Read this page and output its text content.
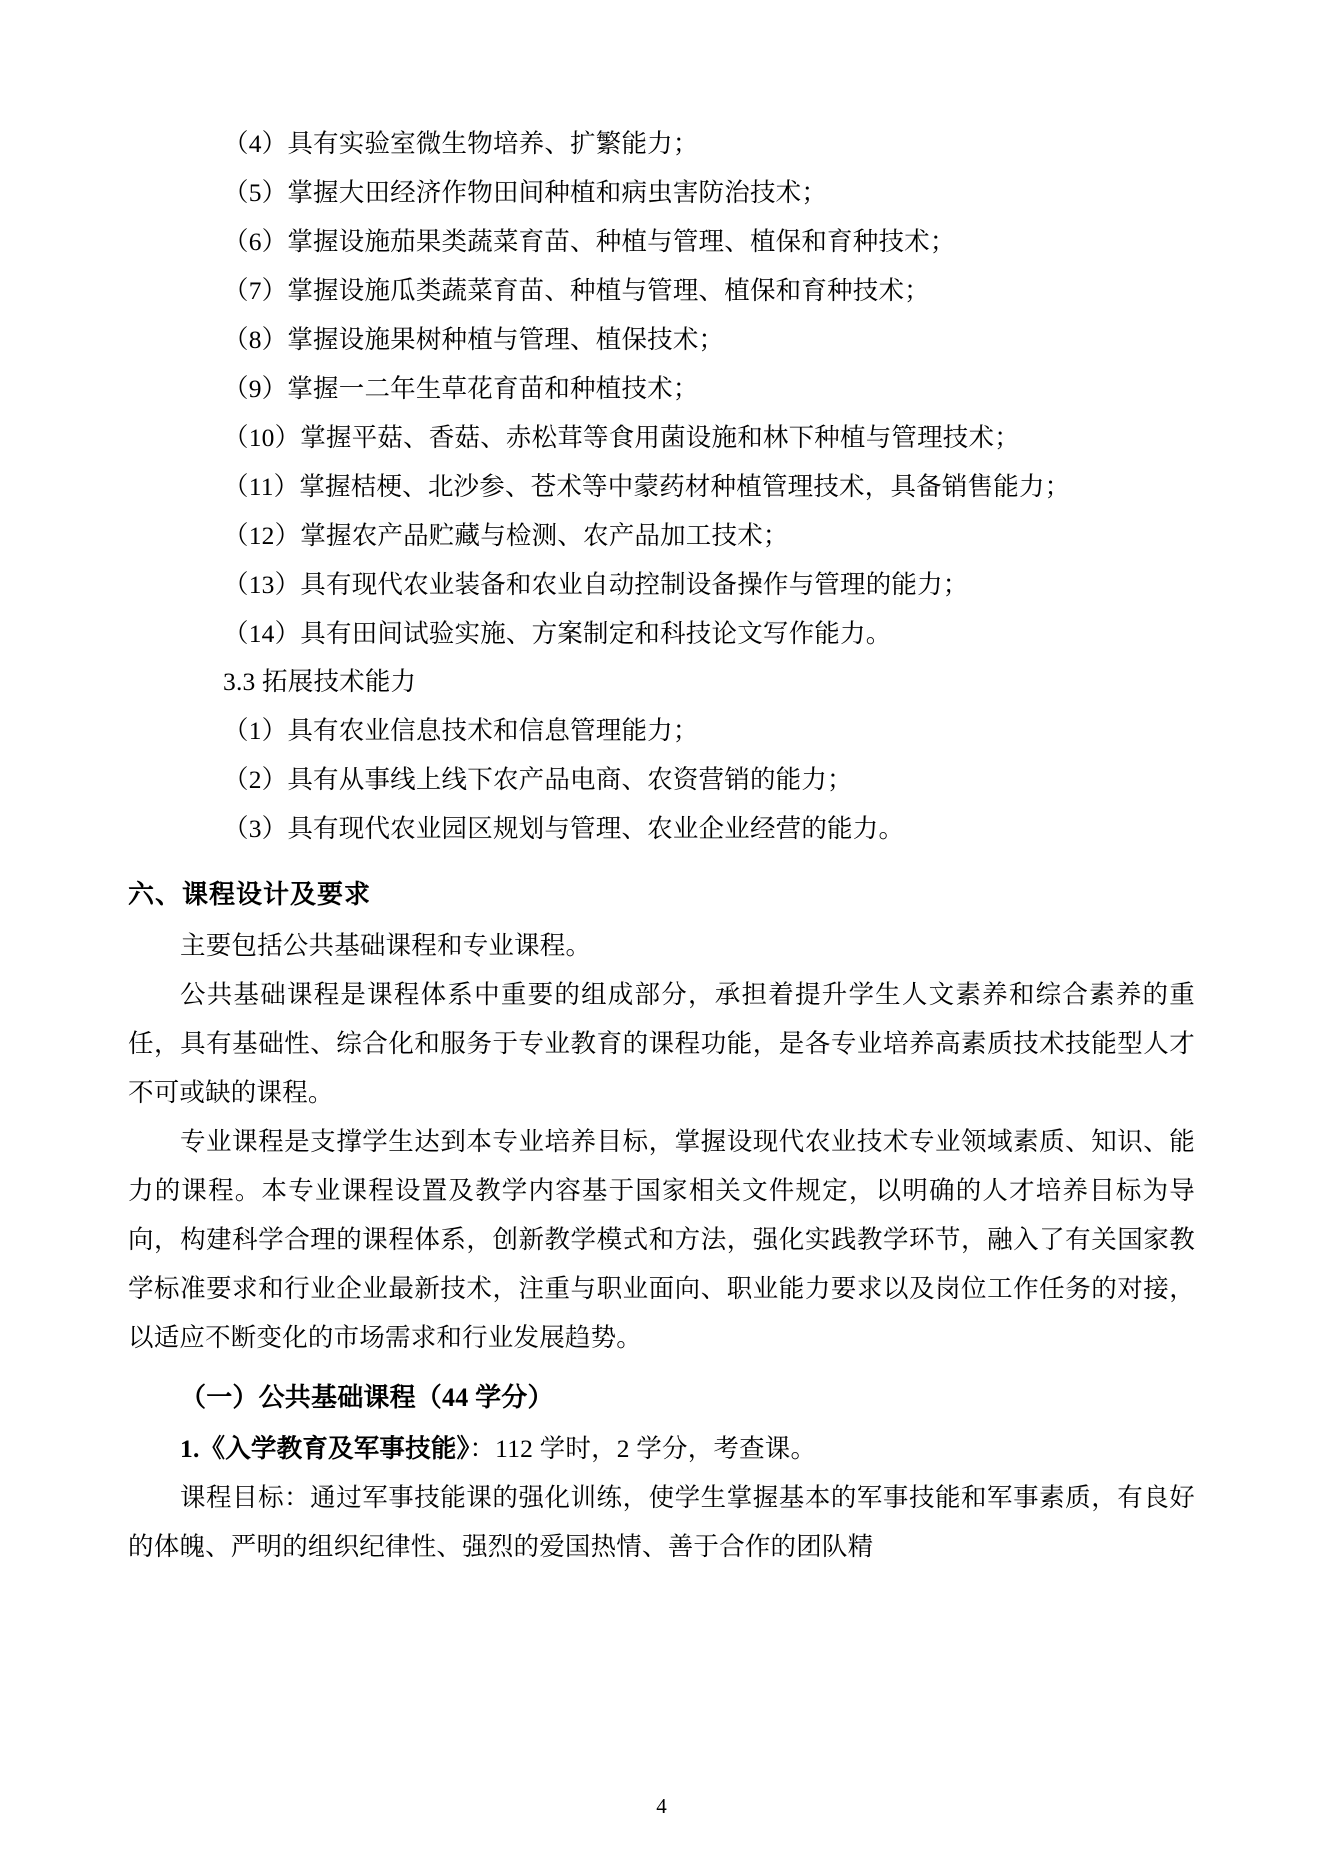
（4）具有实验室微生物培养、扩繁能力；

（5）掌握大田经济作物田间种植和病虫害防治技术；

（6）掌握设施茄果类蔬菜育苗、种植与管理、植保和育种技术；

（7）掌握设施瓜类蔬菜育苗、种植与管理、植保和育种技术；

（8）掌握设施果树种植与管理、植保技术；

（9）掌握一二年生草花育苗和种植技术；

（10）掌握平菇、香菇、赤松茸等食用菌设施和林下种植与管理技术；

（11）掌握桔梗、北沙参、苍术等中蒙药材种植管理技术，具备销售能力；

（12）掌握农产品贮藏与检测、农产品加工技术；

（13）具有现代农业装备和农业自动控制设备操作与管理的能力；

（14）具有田间试验实施、方案制定和科技论文写作能力。

3.3 拓展技术能力

（1）具有农业信息技术和信息管理能力；

（2）具有从事线上线下农产品电商、农资营销的能力；

（3）具有现代农业园区规划与管理、农业企业经营的能力。

六、课程设计及要求

主要包括公共基础课程和专业课程。

公共基础课程是课程体系中重要的组成部分，承担着提升学生人文素养和综合素养的重任，具有基础性、综合化和服务于专业教育的课程功能，是各专业培养高素质技术技能型人才不可或缺的课程。

专业课程是支撑学生达到本专业培养目标，掌握设现代农业技术专业领域素质、知识、能力的课程。本专业课程设置及教学内容基于国家相关文件规定，以明确的人才培养目标为导向，构建科学合理的课程体系，创新教学模式和方法，强化实践教学环节，融入了有关国家教学标准要求和行业企业最新技术，注重与职业面向、职业能力要求以及岗位工作任务的对接，以适应不断变化的市场需求和行业发展趋势。

（一）公共基础课程（44 学分）

1.《入学教育及军事技能》：112 学时，2 学分，考查课。

课程目标：通过军事技能课的强化训练，使学生掌握基本的军事技能和军事素质，有良好的体魄、严明的组织纪律性、强烈的爱国热情、善于合作的团队精

4
